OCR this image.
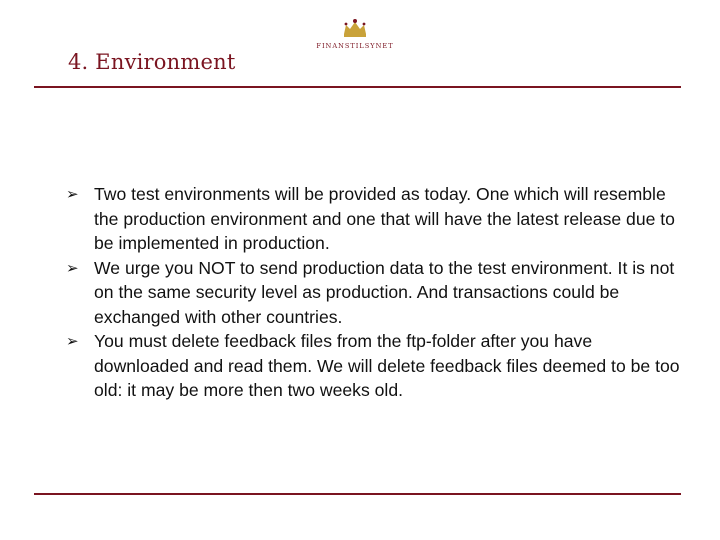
4. Environment
FINANSTILSYNET
➢ Two test environments will be provided as today. One which will resemble the production environment and one that will have the latest release due to be implemented in production.
➢ We urge you NOT to send production data to the test environment. It is not on the same security level as production. And transactions could be exchanged with other countries.
➢ You must delete feedback files from the ftp-folder after you have downloaded and read them. We will delete feedback files deemed to be too old: it may be more then two weeks old.
